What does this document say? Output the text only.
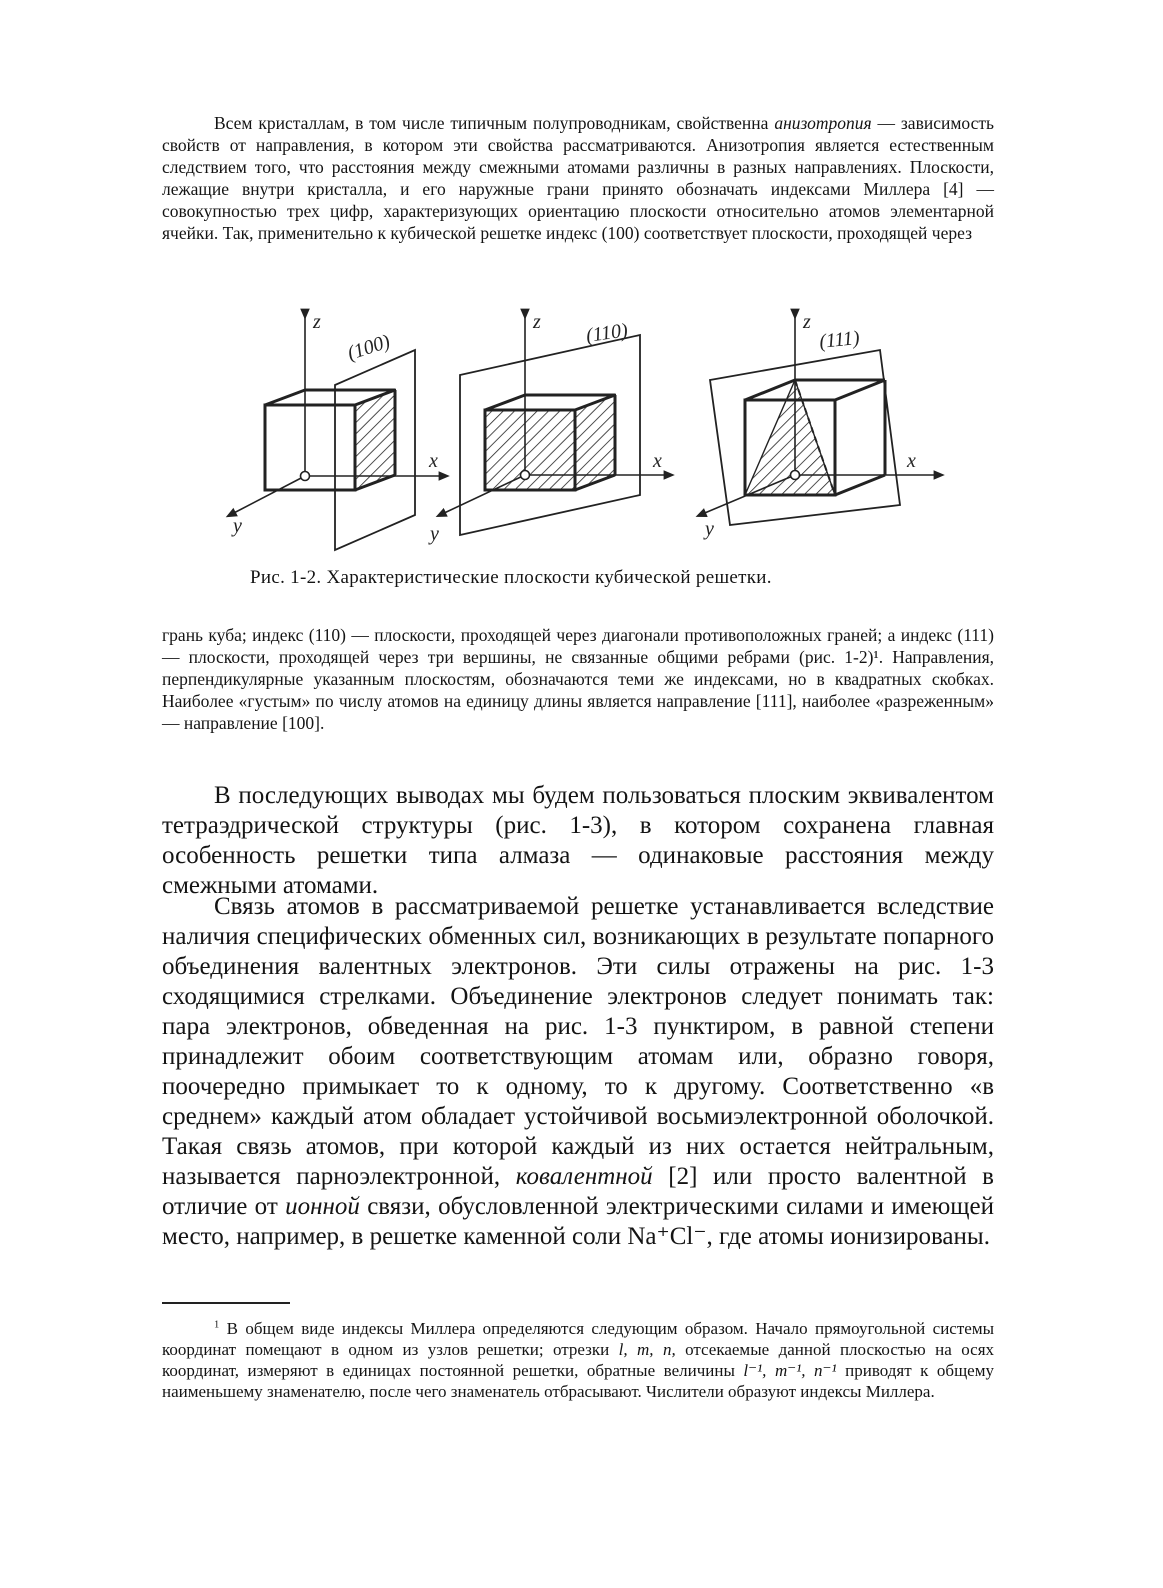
Всем кристаллам, в том числе типичным полупроводникам, свойственна анизотропия — зависимость свойств от направления, в котором эти свойства рассматриваются. Анизотропия является естественным следствием того, что расстояния между смежными атомами различны в разных направлениях. Плоскости, лежащие внутри кристалла, и его наружные грани принято обозначать индексами Миллера [4] — совокупностью трех цифр, характеризующих ориентацию плоскости относительно атомов элементарной ячейки. Так, применительно к кубической решетке индекс (100) соответствует плоскости, проходящей через

z
x
y
(100)
z
x
y
(110)	z
x
y
(111)
Рис. 1-2. Характеристические плоскости кубической решетки.

грань куба; индекс (110) — плоскости, проходящей через диагонали противоположных граней; а индекс (111) — плоскости, проходящей через три вершины, не связанные общими ребрами (рис. 1-2)¹. Направления, перпендикулярные указанным плоскостям, обозначаются теми же индексами, но в квадратных скобках. Наиболее «густым» по числу атомов на единицу длины является направление [111], наиболее «разреженным» — направление [100].

В последующих выводах мы будем пользоваться плоским эквивалентом тетраэдрической структуры (рис. 1-3), в котором сохранена главная особенность решетки типа алмаза — одинаковые расстояния между смежными атомами.

Связь атомов в рассматриваемой решетке устанавливается вследствие наличия специфических обменных сил, возникающих в результате попарного объединения валентных электронов. Эти силы отражены на рис. 1-3 сходящимися стрелками. Объединение электронов следует понимать так: пара электронов, обведенная на рис. 1-3 пунктиром, в равной степени принадлежит обоим соответствующим атомам или, образно говоря, поочередно примыкает то к одному, то к другому. Соответственно «в среднем» каждый атом обладает устойчивой восьмиэлектронной оболочкой. Такая связь атомов, при которой каждый из них остается нейтральным, называется парноэлектронной, ковалентной [2] или просто валентной в отличие от ионной связи, обусловленной электрическими силами и имеющей место, например, в решетке каменной соли Na⁺Cl⁻, где атомы ионизированы.

$^1$ В общем виде индексы Миллера определяются следующим образом. Начало прямоугольной системы координат помещают в одном из узлов решетки; отрезки l, m, n, отсекаемые данной плоскостью на осях координат, измеряют в единицах постоянной решетки, обратные величины l⁻¹, m⁻¹, n⁻¹ приводят к общему наименьшему знаменателю, после чего знаменатель отбрасывают. Числители образуют индексы Миллера.
